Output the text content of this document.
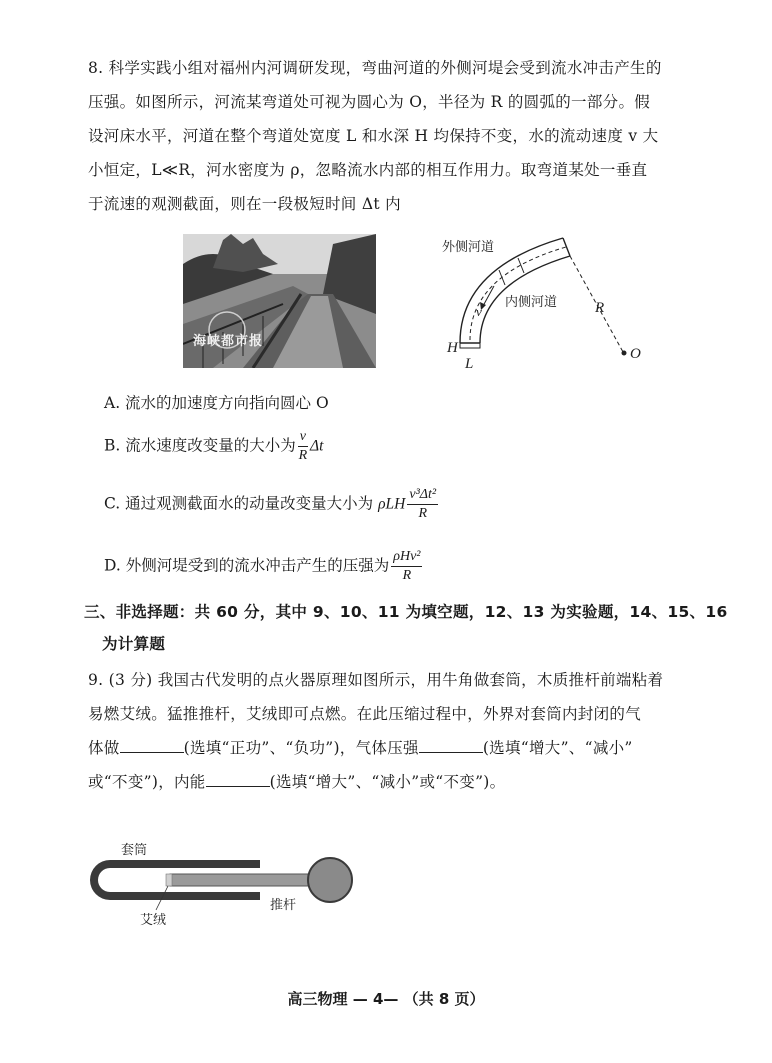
8. 科学实践小组对福州内河调研发现，弯曲河道的外侧河堤会受到流水冲击产生的
压强。如图所示，河流某弯道处可视为圆心为 O，半径为 R 的圆弧的一部分。假
设河床水平，河道在整个弯道处宽度 L 和水深 H 均保持不变，水的流动速度 v 大
小恒定，L≪R，河水密度为 ρ，忽略流水内部的相互作用力。取弯道某处一垂直
于流速的观测截面，则在一段极短时间 Δt 内
海峡都市报
外侧河道
内侧河道	R
O
H
L
v
A. 流水的加速度方向指向圆心 O
B. 流水速度改变量的大小为 $\frac{v}{R}$ Δt
C. 通过观测截面水的动量改变量大小为 ρLH $\frac{\text{v³Δt²}}{R}$
D. 外侧河堤受到的流水冲击产生的压强为 $\frac{\text{ρHv²}}{R}$
三、非选择题：共 60 分，其中 9、10、11 为填空题，12、13 为实验题，14、15、16
为计算题
9. (3 分) 我国古代发明的点火器原理如图所示，用牛角做套筒，木质推杆前端粘着
易燃艾绒。猛推推杆，艾绒即可点燃。在此压缩过程中，外界对套筒内封闭的气
体做	(选填“正功”、“负功”)，气体压强	(选填“增大”、“减小”
或“不变”)，内能	(选填“增大”、“减小”或“不变”)。
套筒
推杆
艾绒
高三物理 — 4— （共 8 页）
